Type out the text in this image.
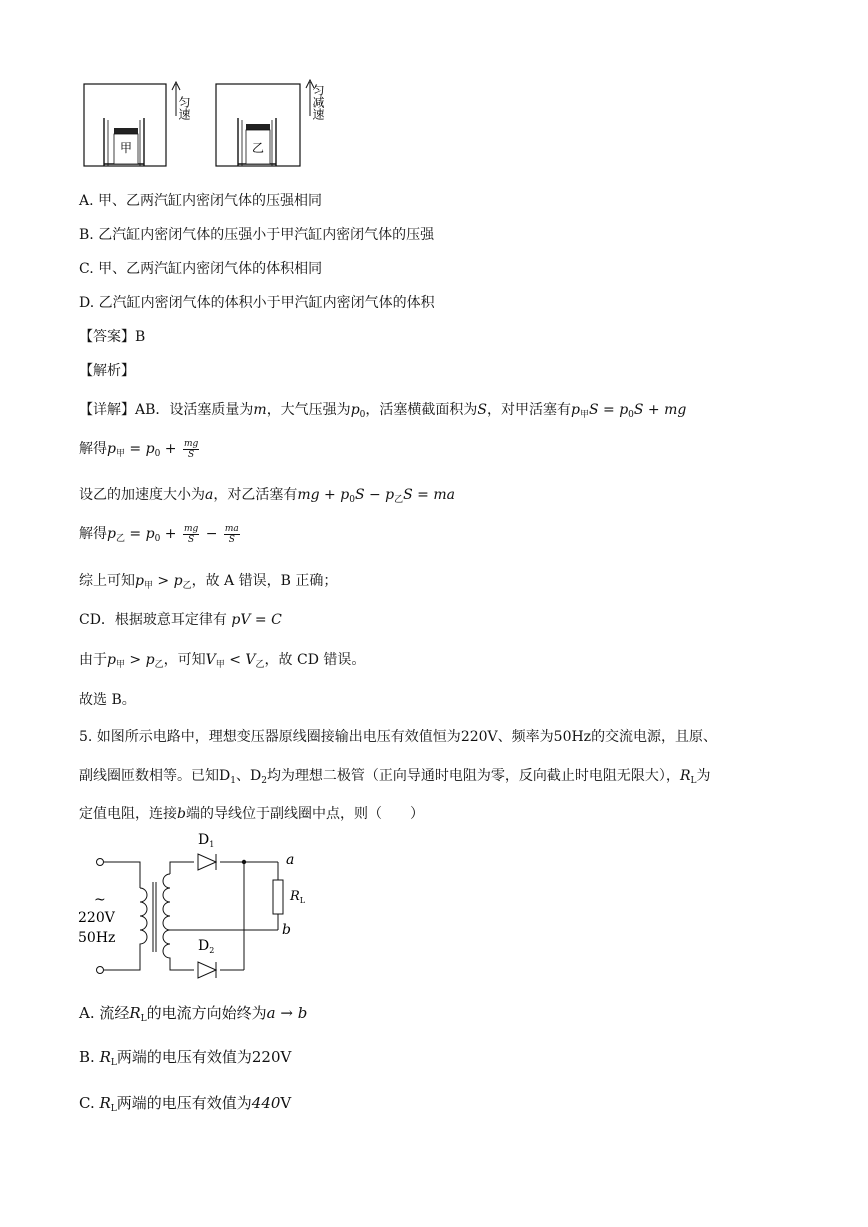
甲
匀速
乙
匀减速
A. 甲、乙两汽缸内密闭气体的压强相同
B. 乙汽缸内密闭气体的压强小于甲汽缸内密闭气体的压强
C. 甲、乙两汽缸内密闭气体的体积相同
D. 乙汽缸内密闭气体的体积小于甲汽缸内密闭气体的体积
【答案】B
【解析】
【详解】AB．设活塞质量为m，大气压强为$p_0$，活塞横截面积为S，对甲活塞有$p_甲S = p_0S$ + mg
解得$p_甲 = p_0 + \frac{mg}{S}$
设乙的加速度大小为a，对乙活塞有mg + $p_0S - p_乙S$ = ma
解得$p_乙 = p_0 + \frac{mg}{S} - \frac{ma}{S}$
综上可知$p_甲 > p_乙$，故 A 错误，B 正确；
CD．根据玻意耳定律有 pV = C
由于$p_甲 > p_乙$，可知$V_甲 < V_乙$，故 CD 错误。
故选 B。
5. 如图所示电路中，理想变压器原线圈接输出电压有效值恒为220V、频率为50Hz的交流电源，且原、
副线圈匝数相等。已知$D_1$、$D_2$均为理想二极管（正向导通时电阻为零，反向截止时电阻无限大），$R_L$为
定值电阻，连接b端的导线位于副线圈中点，则（　　）
$D_1$
$D_2$
$R_L$
a
b
~
220V
50Hz
A. 流经$R_L$的电流方向始终为a → b
B. $R_L$两端的电压有效值为220V
C. $R_L$两端的电压有效值为440V
